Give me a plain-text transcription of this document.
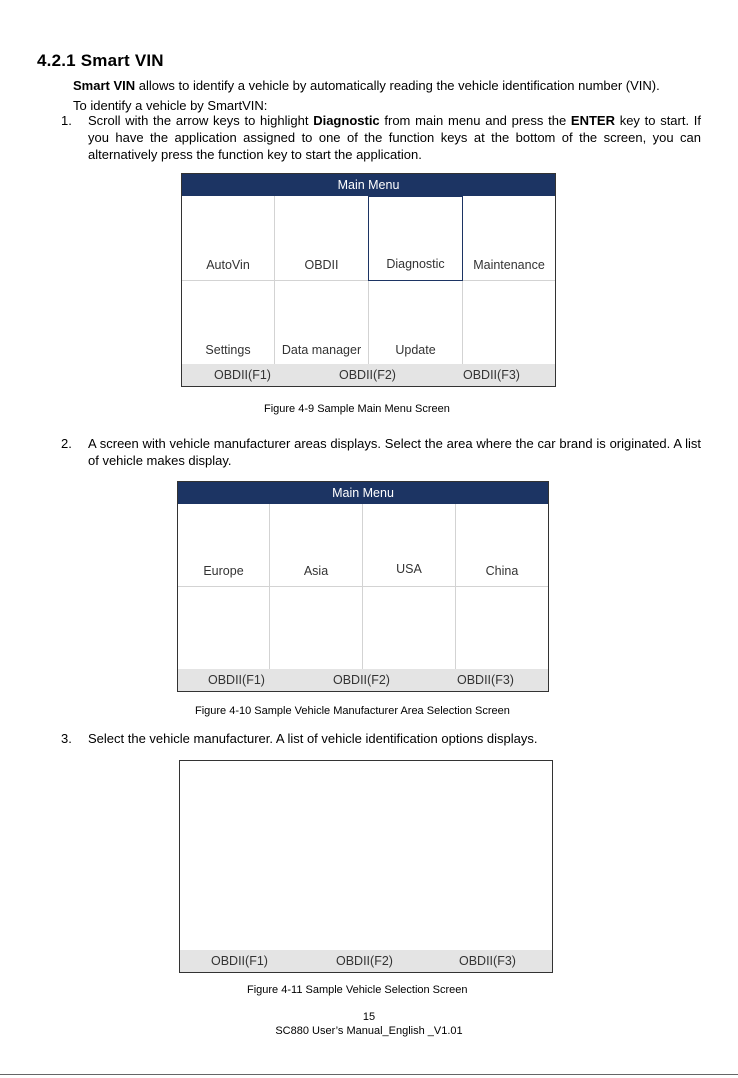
4.2.1 Smart VIN
Smart VIN allows to identify a vehicle by automatically reading the vehicle identification number (VIN).
To identify a vehicle by SmartVIN:
1. Scroll with the arrow keys to highlight Diagnostic from main menu and press the ENTER key to start. If you have the application assigned to one of the function keys at the bottom of the screen, you can alternatively press the function key to start the application.
Main Menu
AutoVin	OBDII	Diagnostic	Maintenance
Settings	Data manager	Update
OBDII(F1)	OBDII(F2)	OBDII(F3)
Figure 4-9 Sample Main Menu Screen
2. A screen with vehicle manufacturer areas displays. Select the area where the car brand is originated. A list of vehicle makes display.
Main Menu
Europe	Asia	USA	China
OBDII(F1)	OBDII(F2)	OBDII(F3)
Figure 4-10 Sample Vehicle Manufacturer Area Selection Screen
3. Select the vehicle manufacturer. A list of vehicle identification options displays.
OBDII(F1)	OBDII(F2)	OBDII(F3)
Figure 4-11 Sample Vehicle Selection Screen
15
SC880 User’s Manual_English _V1.01
